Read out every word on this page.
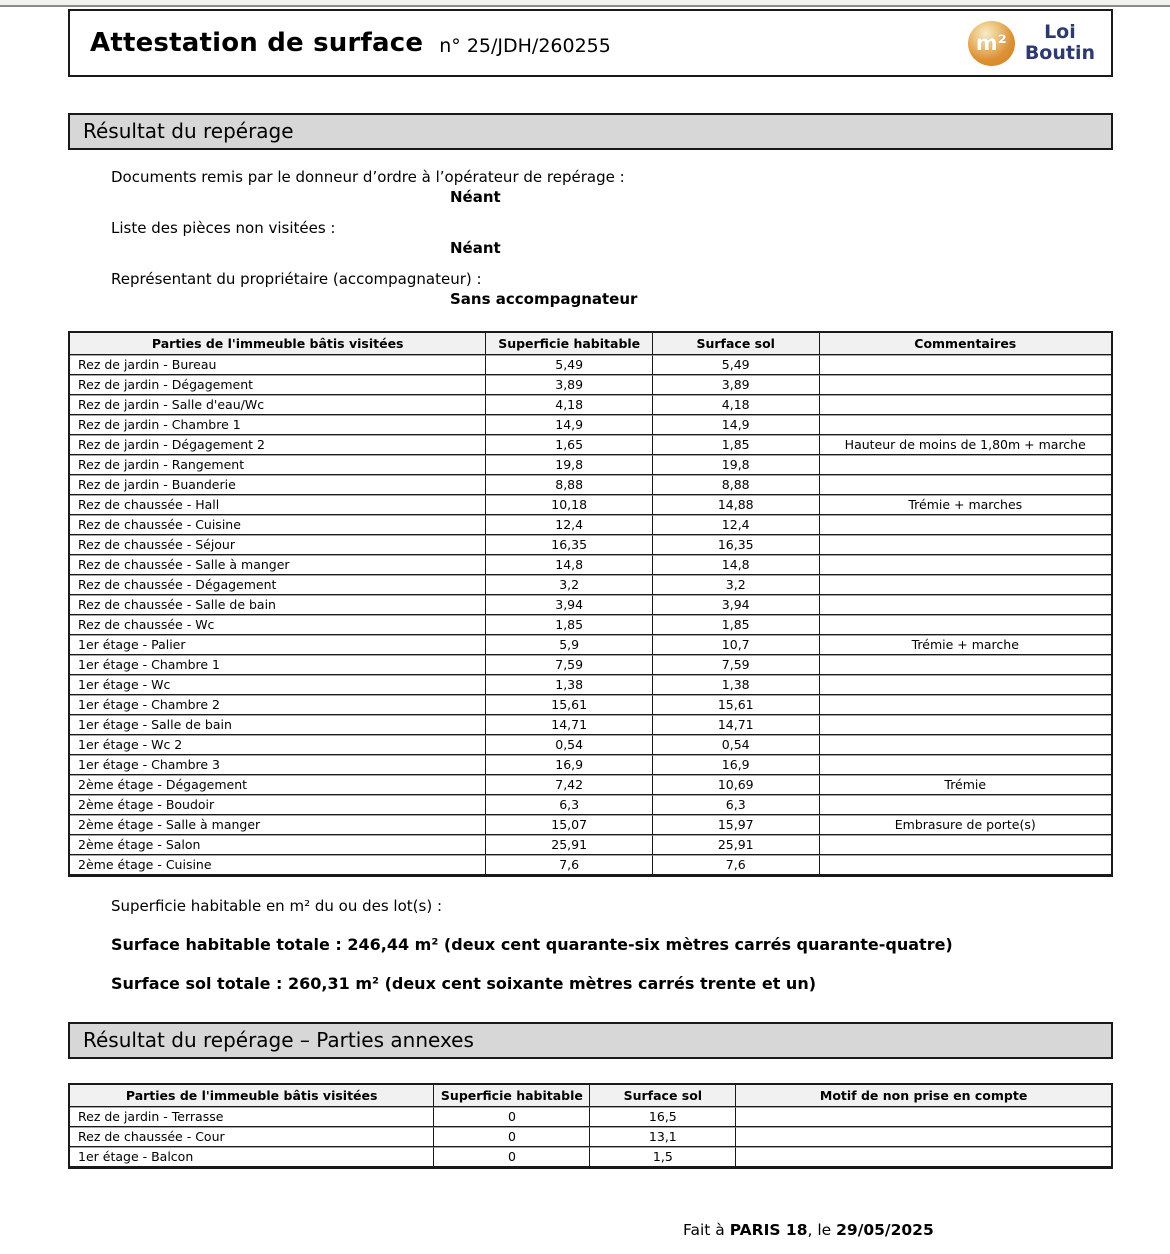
Attestation de surface n° 25/JDH/260255	m²	Loi
Boutin
Résultat du repérage
Documents remis par le donneur d’ordre à l’opérateur de repérage :
Néant
Liste des pièces non visitées :
Néant
Représentant du propriétaire (accompagnateur) :
Sans accompagnateur
Parties de l'immeuble bâtis visitées	Superficie habitable	Surface sol	Commentaires
Rez de jardin - Bureau	5,49	5,49	
Rez de jardin - Dégagement	3,89	3,89	
Rez de jardin - Salle d'eau/Wc	4,18	4,18	
Rez de jardin - Chambre 1	14,9	14,9	
Rez de jardin - Dégagement 2	1,65	1,85	Hauteur de moins de 1,80m + marche
Rez de jardin - Rangement	19,8	19,8	
Rez de jardin - Buanderie	8,88	8,88	
Rez de chaussée - Hall	10,18	14,88	Trémie + marches
Rez de chaussée - Cuisine	12,4	12,4	
Rez de chaussée - Séjour	16,35	16,35	
Rez de chaussée - Salle à manger	14,8	14,8	
Rez de chaussée - Dégagement	3,2	3,2	
Rez de chaussée - Salle de bain	3,94	3,94	
Rez de chaussée - Wc	1,85	1,85	
1er étage - Palier	5,9	10,7	Trémie + marche
1er étage - Chambre 1	7,59	7,59	
1er étage - Wc	1,38	1,38	
1er étage - Chambre 2	15,61	15,61	
1er étage - Salle de bain	14,71	14,71	
1er étage - Wc 2	0,54	0,54	
1er étage - Chambre 3	16,9	16,9	
2ème étage - Dégagement	7,42	10,69	Trémie
2ème étage - Boudoir	6,3	6,3	
2ème étage - Salle à manger	15,07	15,97	Embrasure de porte(s)
2ème étage - Salon	25,91	25,91	
2ème étage - Cuisine	7,6	7,6	
Superficie habitable en m² du ou des lot(s) :
Surface habitable totale : 246,44 m² (deux cent quarante-six mètres carrés quarante-quatre)
Surface sol totale : 260,31 m² (deux cent soixante mètres carrés trente et un)
Résultat du repérage – Parties annexes
Parties de l'immeuble bâtis visitées	Superficie habitable	Surface sol	Motif de non prise en compte
Rez de jardin - Terrasse	0	16,5	
Rez de chaussée - Cour	0	13,1	
1er étage - Balcon	0	1,5	
Fait à PARIS 18, le 29/05/2025
